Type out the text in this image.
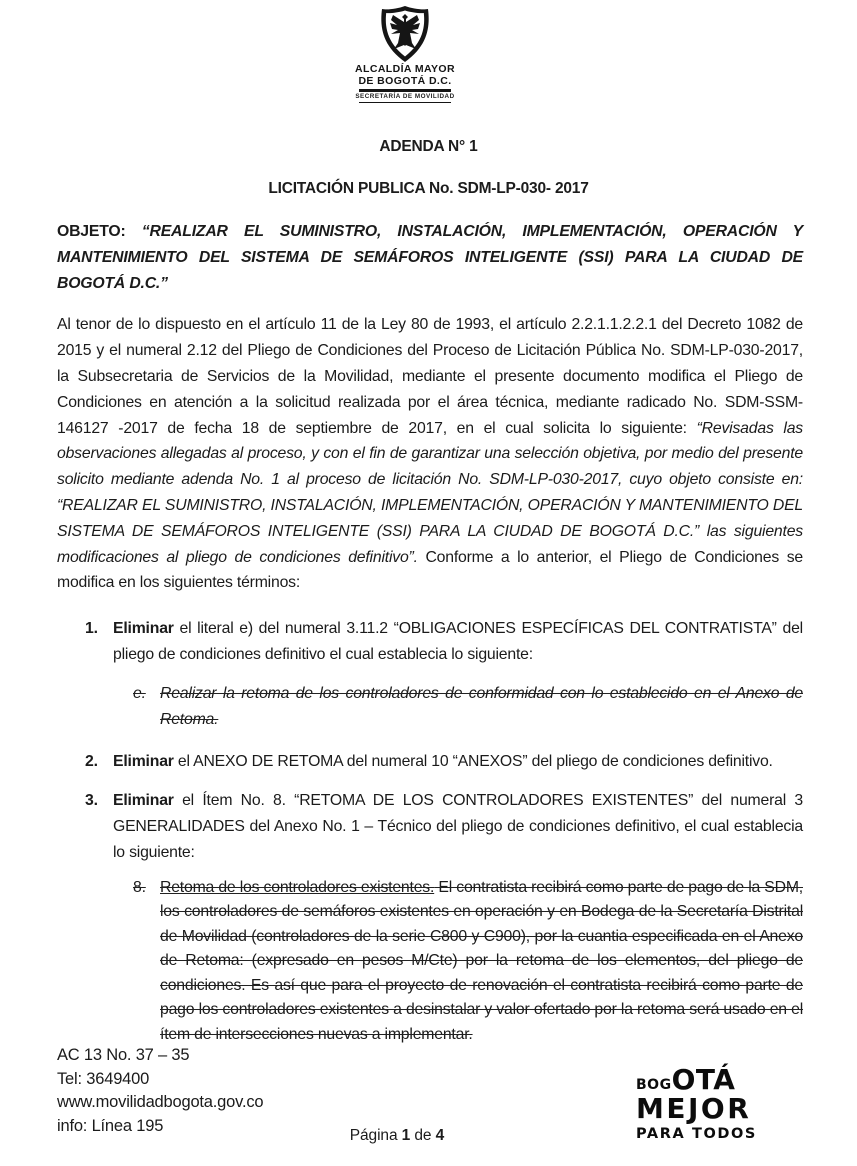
ALCALDÍA MAYOR
DE BOGOTÁ D.C.
SECRETARÍA DE MOVILIDAD
ADENDA N° 1
LICITACIÓN PUBLICA No. SDM-LP-030- 2017

OBJETO: “REALIZAR EL SUMINISTRO, INSTALACIÓN, IMPLEMENTACIÓN, OPERACIÓN Y MANTENIMIENTO DEL SISTEMA DE SEMÁFOROS INTELIGENTE (SSI) PARA LA CIUDAD DE BOGOTÁ D.C.”

Al tenor de lo dispuesto en el artículo 11 de la Ley 80 de 1993, el artículo 2.2.1.1.2.2.1 del Decreto 1082 de 2015 y el numeral 2.12 del Pliego de Condiciones del Proceso de Licitación Pública No. SDM-LP-030-2017, la Subsecretaria de Servicios de la Movilidad, mediante el presente documento modifica el Pliego de Condiciones en atención a la solicitud realizada por el área técnica, mediante radicado No. SDM-SSM-146127 -2017 de fecha 18 de septiembre de 2017, en el cual solicita lo siguiente: “Revisadas las observaciones allegadas al proceso, y con el fin de garantizar una selección objetiva, por medio del presente solicito mediante adenda No. 1 al proceso de licitación No. SDM-LP-030-2017, cuyo objeto consiste en: “REALIZAR EL SUMINISTRO, INSTALACIÓN, IMPLEMENTACIÓN, OPERACIÓN Y MANTENIMIENTO DEL SISTEMA DE SEMÁFOROS INTELIGENTE (SSI) PARA LA CIUDAD DE BOGOTÁ D.C.” las siguientes modificaciones al pliego de condiciones definitivo”. Conforme a lo anterior, el Pliego de Condiciones se modifica en los siguientes términos:

1. Eliminar el literal e) del numeral 3.11.2 “OBLIGACIONES ESPECÍFICAS DEL CONTRATISTA” del pliego de condiciones definitivo el cual establecia lo siguiente:
e. Realizar la retoma de los controladores de conformidad con lo establecido en el Anexo de Retoma.
2. Eliminar el ANEXO DE RETOMA del numeral 10 “ANEXOS” del pliego de condiciones definitivo.
3. Eliminar el Ítem No. 8. “RETOMA DE LOS CONTROLADORES EXISTENTES” del numeral 3 GENERALIDADES del Anexo No. 1 – Técnico del pliego de condiciones definitivo, el cual establecia lo siguiente:
8. Retoma de los controladores existentes. El contratista recibirá como parte de pago de la SDM, los controladores de semáforos existentes en operación y en Bodega de la Secretaría Distrital de Movilidad (controladores de la serie C800 y C900), por la cuantia especificada en el Anexo de Retoma: (expresado en pesos M/Cte) por la retoma de los elementos, del pliego de condiciones. Es así que para el proyecto de renovación el contratista recibirá como parte de pago los controladores existentes a desinstalar y valor ofertado por la retoma será usado en el ítem de intersecciones nuevas a implementar.
AC 13 No. 37 – 35
Tel: 3649400
www.movilidadbogota.gov.co
info: Línea 195
Página 1 de 4
BOG OTÁ
MEJOR
PARA TODOS
